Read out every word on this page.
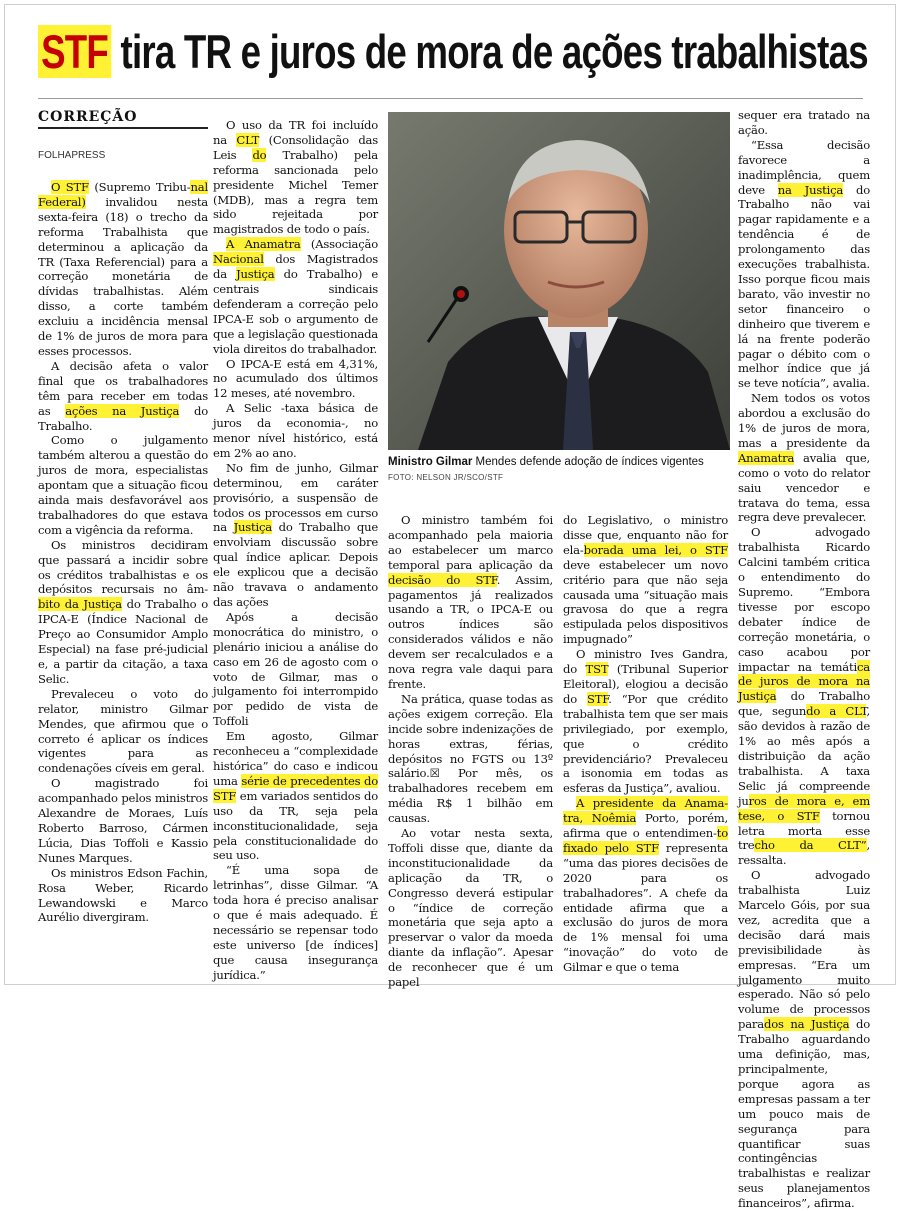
STF tira TR e juros de mora de ações trabalhistas
CORREÇÃO
FOLHAPRESS

O STF (Supremo Tribu-nal Federal) invalidou nesta sexta-feira (18) o trecho da reforma Trabalhista que determinou a aplicação da TR (Taxa Referencial) para a correção monetária de dívidas trabalhistas. Além disso, a corte também excluiu a incidência mensal de 1% de juros de mora para esses processos.

A decisão afeta o valor final que os trabalhadores têm para receber em todas as ações na Justiça do Trabalho.

Como o julgamento também alterou a questão do juros de mora, especialistas apontam que a situação ficou ainda mais desfavorável aos trabalhadores do que estava com a vigência da reforma.

Os ministros decidiram que passará a incidir sobre os créditos trabalhistas e os depósitos recursais no âm-bito da Justiça do Trabalho o IPCA-E (Índice Nacional de Preço ao Consumidor Amplo Especial) na fase pré-judicial e, a partir da citação, a taxa Selic.

Prevaleceu o voto do relator, ministro Gilmar Mendes, que afirmou que o correto é aplicar os índices vigentes para as condenações cíveis em geral.

O magistrado foi acompanhado pelos ministros Alexandre de Moraes, Luís Roberto Barroso, Cármen Lúcia, Dias Toffoli e Kassio Nunes Marques.

Os ministros Edson Fachin, Rosa Weber, Ricardo Lewandowski e Marco Aurélio divergiram.

O uso da TR foi incluído na CLT (Consolidação das Leis do Trabalho) pela reforma sancionada pelo presidente Michel Temer (MDB), mas a regra tem sido rejeitada por magistrados de todo o país.

A Anamatra (Associação Nacional dos Magistrados da Justiça do Trabalho) e centrais sindicais defenderam a correção pelo IPCA-E sob o argumento de que a legislação questionada viola direitos do trabalhador.

O IPCA-E está em 4,31%, no acumulado dos últimos 12 meses, até novembro.

A Selic -taxa básica de juros da economia-, no menor nível histórico, está em 2% ao ano.

No fim de junho, Gilmar determinou, em caráter provisório, a suspensão de todos os processos em curso na Justiça do Trabalho que envolviam discussão sobre qual índice aplicar. Depois ele explicou que a decisão não travava o andamento das ações

Após a decisão monocrática do ministro, o plenário iniciou a análise do caso em 26 de agosto com o voto de Gilmar, mas o julgamento foi interrompido por pedido de vista de Toffoli

Em agosto, Gilmar reconheceu a “complexidade histórica” do caso e indicou uma série de precedentes do STF em variados sentidos do uso da TR, seja pela inconstitucionalidade, seja pela constitucionalidade do seu uso.

“É uma sopa de letrinhas”, disse Gilmar. “A toda hora é preciso analisar o que é mais adequado. É necessário se repensar todo este universo [de índices] que causa insegurança jurídica.”

Ministro Gilmar Mendes defende adoção de índices vigentes
FOTO: NELSON JR/SCO/STF

O ministro também foi acompanhado pela maioria ao estabelecer um marco temporal para aplicação da decisão do STF. Assim, pagamentos já realizados usando a TR, o IPCA-E ou outros índices são considerados válidos e não devem ser recalculados e a nova regra vale daqui para frente.

Na prática, quase todas as ações exigem correção. Ela incide sobre indenizações de horas extras, férias, depósitos no FGTS ou 13º salário.☒ Por mês, os trabalhadores recebem em média R$ 1 bilhão em causas.

Ao votar nesta sexta, Toffoli disse que, diante da inconstitucionalidade da aplicação da TR, o Congresso deverá estipular o “índice de correção monetária que seja apto a preservar o valor da moeda diante da inflação”. Apesar de reconhecer que é um papel

do Legislativo, o ministro disse que, enquanto não for ela-borada uma lei, o STF deve estabelecer um novo critério para que não seja causada uma “situação mais gravosa do que a regra estipulada pelos dispositivos impugnado”

O ministro Ives Gandra, do TST (Tribunal Superior Eleitoral), elogiou a decisão do STF. “Por que crédito trabalhista tem que ser mais privilegiado, por exemplo, que o crédito previdenciário? Prevaleceu a isonomia em todas as esferas da Justiça”, avaliou.

A presidente da Anama- tra, Noêmia Porto, porém, afirma que o entendimen-to fixado pelo STF representa “uma das piores decisões de 2020 para os trabalhadores”. A chefe da entidade afirma que a exclusão do juros de mora de 1% mensal foi uma “inovação” do voto de Gilmar e que o tema

sequer era tratado na ação.

“Essa decisão favorece a inadimplência, quem deve na Justiça do Trabalho não vai pagar rapidamente e a tendência é de prolongamento das execuções trabalhista. Isso porque ficou mais barato, vão investir no setor financeiro o dinheiro que tiverem e lá na frente poderão pagar o débito com o melhor índice que já se teve notícia”, avalia.

Nem todos os votos abordou a exclusão do 1% de juros de mora, mas a presidente da Anamatra avalia que, como o voto do relator saiu vencedor e tratava do tema, essa regra deve prevalecer.

O advogado trabalhista Ricardo Calcini também critica o entendimento do Supremo. “Embora tivesse por escopo debater índice de correção monetária, o caso acabou por impactar na temática de juros de mora na Justiça do Trabalho que, segundo a CLT, são devidos à razão de 1% ao mês após a distribuição da ação trabalhista. A taxa Selic já compreende juros de mora e, em tese, o STF tornou letra morta esse trecho da CLT”, ressalta.

O advogado trabalhista Luiz Marcelo Góis, por sua vez, acredita que a decisão dará mais previsibilidade às empresas. “Era um julgamento muito esperado. Não só pelo volume de processos parados na Justiça do Trabalho aguardando uma definição, mas, principalmente, porque agora as empresas passam a ter um pouco mais de segurança para quantificar suas contingências trabalhistas e realizar seus planejamentos financeiros”, afirma.
